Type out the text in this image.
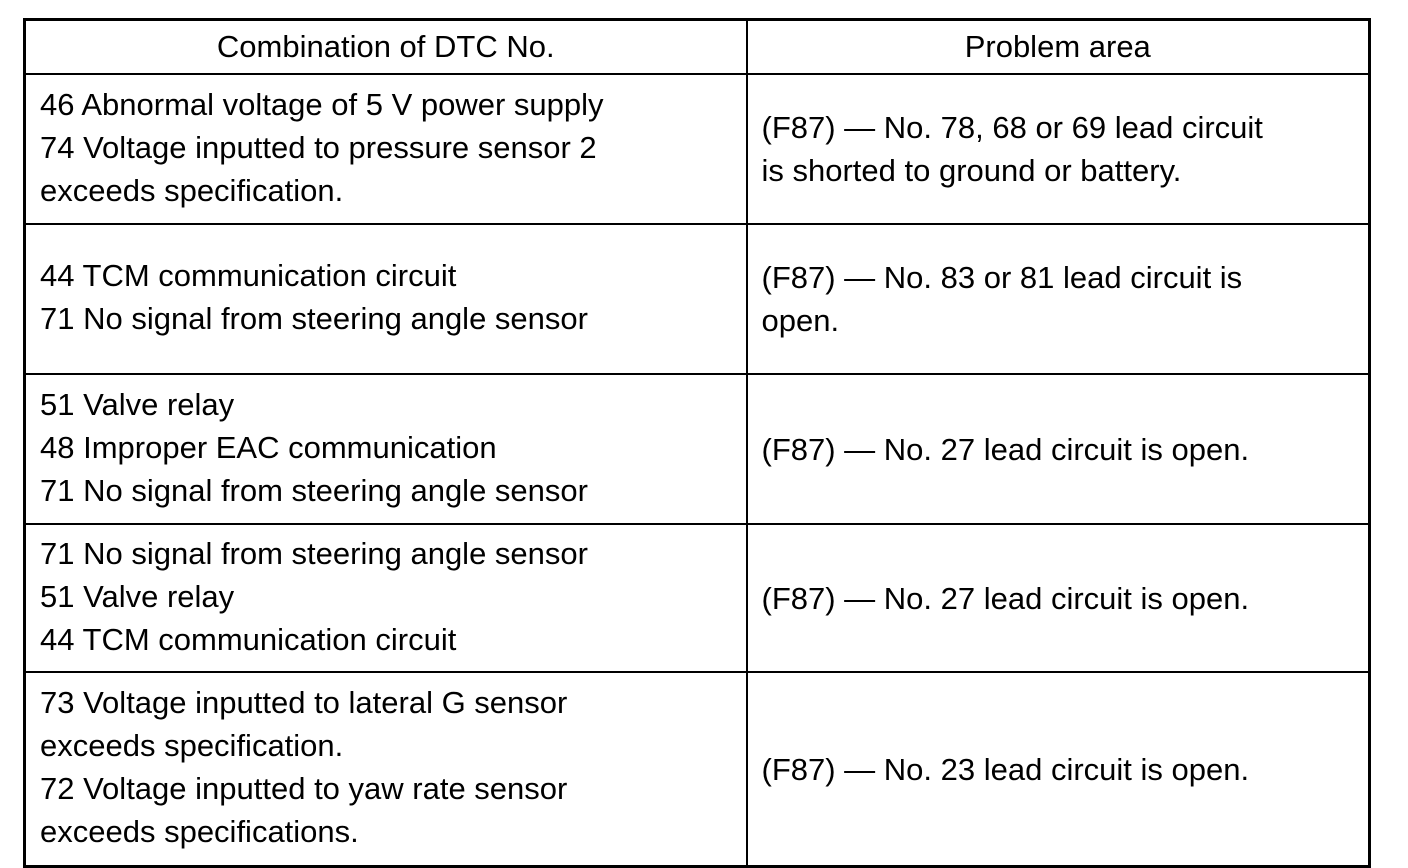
Combination of DTC No.	Problem area

46 Abnormal voltage of 5 V power supply
74 Voltage inputted to pressure sensor 2
exceeds specification.	(F87) — No. 78, 68 or 69 lead circuit
is shorted to ground or battery.

44 TCM communication circuit
71 No signal from steering angle sensor	(F87) — No. 83 or 81 lead circuit is
open.

51 Valve relay
48 Improper EAC communication
71 No signal from steering angle sensor	(F87) — No. 27 lead circuit is open.

71 No signal from steering angle sensor
51 Valve relay
44 TCM communication circuit	(F87) — No. 27 lead circuit is open.

73 Voltage inputted to lateral G sensor
exceeds specification.
72 Voltage inputted to yaw rate sensor
exceeds specifications.	(F87) — No. 23 lead circuit is open.
